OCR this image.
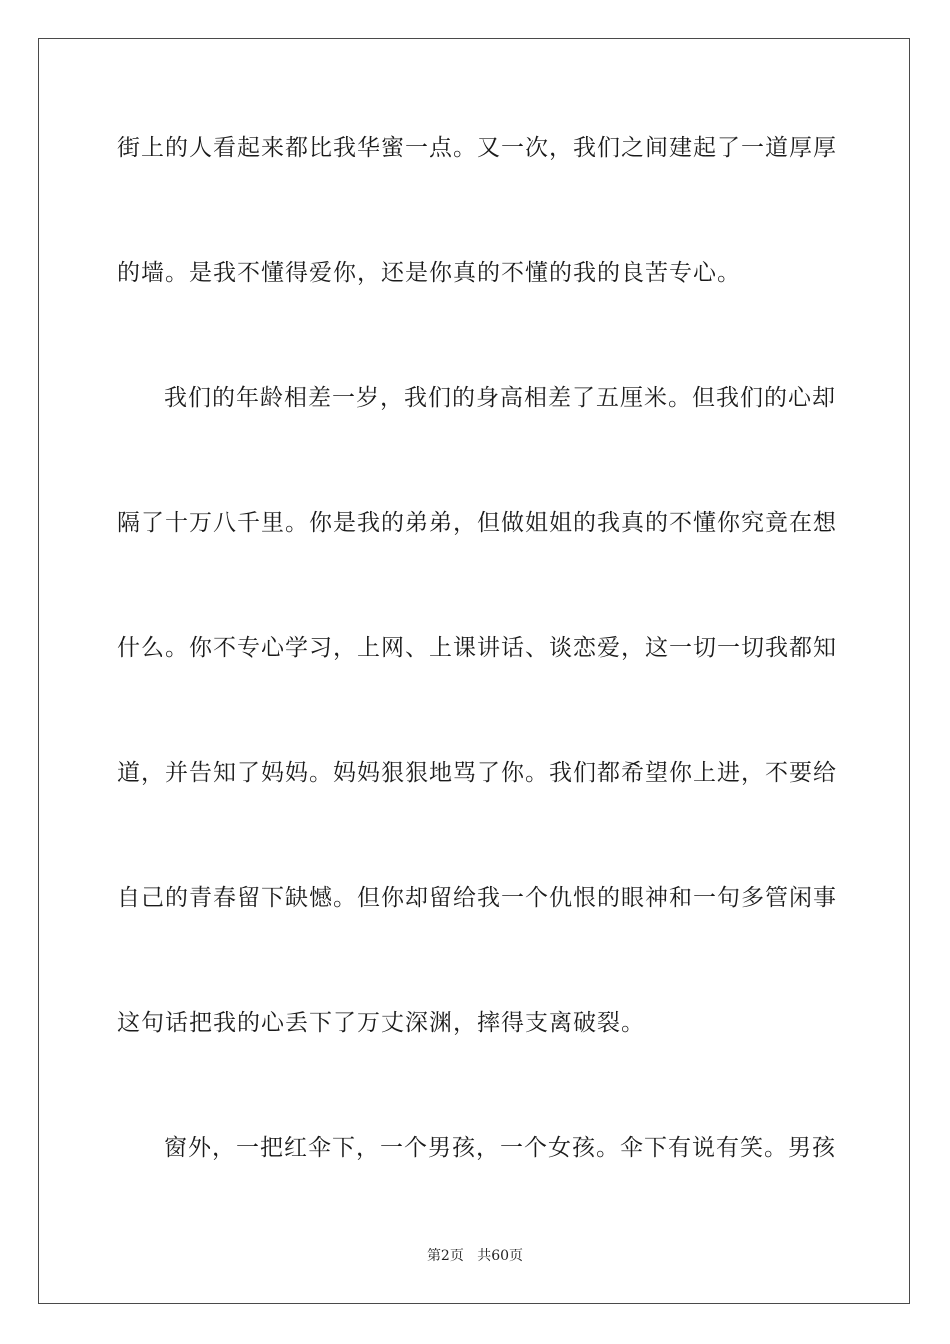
街上的人看起来都比我华蜜一点。又一次，我们之间建起了一道厚厚
的墙。是我不懂得爱你，还是你真的不懂的我的良苦专心。
我们的年龄相差一岁，我们的身高相差了五厘米。但我们的心却
隔了十万八千里。你是我的弟弟，但做姐姐的我真的不懂你究竟在想
什么。你不专心学习，上网、上课讲话、谈恋爱，这一切一切我都知
道，并告知了妈妈。妈妈狠狠地骂了你。我们都希望你上进，不要给
自己的青春留下缺憾。但你却留给我一个仇恨的眼神和一句多管闲事
这句话把我的心丢下了万丈深渊，摔得支离破裂。
窗外，一把红伞下，一个男孩，一个女孩。伞下有说有笑。男孩
第2页 共60页
